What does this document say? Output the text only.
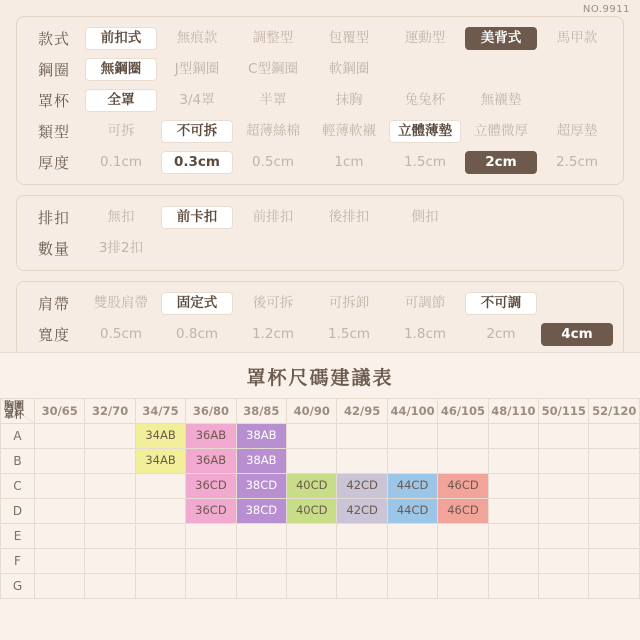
NO.9911
款式	前扣式	無痕款	調整型	包覆型	運動型	美背式	馬甲款
鋼圈	無鋼圈	J型鋼圈	C型鋼圈	軟鋼圈
罩杯	全罩	3/4罩	半罩	抹胸	兔兔杯	無襯墊
類型	可拆	不可拆	超薄絲棉	輕薄軟襯	立體薄墊	立體微厚	超厚墊
厚度	0.1cm	0.3cm	0.5cm	1cm	1.5cm	2cm	2.5cm
排扣	無扣	前卡扣	前排扣	後排扣	側扣
數量	3排2扣
肩帶	雙股肩帶	固定式	後可拆	可拆卸	可調節	不可調
寬度	0.5cm	0.8cm	1.2cm	1.5cm	1.8cm	2cm	4cm
罩杯尺碼建議表
胸圍
罩杯	30/65	32/70	34/75	36/80	38/85	40/90	42/95	44/100	46/105	48/110	50/115	52/120
A			34AB	36AB	38AB							

B			34AB	36AB	38AB							

C				36CD	38CD	40CD	42CD	44CD	46CD			

D				36CD	38CD	40CD	42CD	44CD	46CD			

E												
F												
G												
